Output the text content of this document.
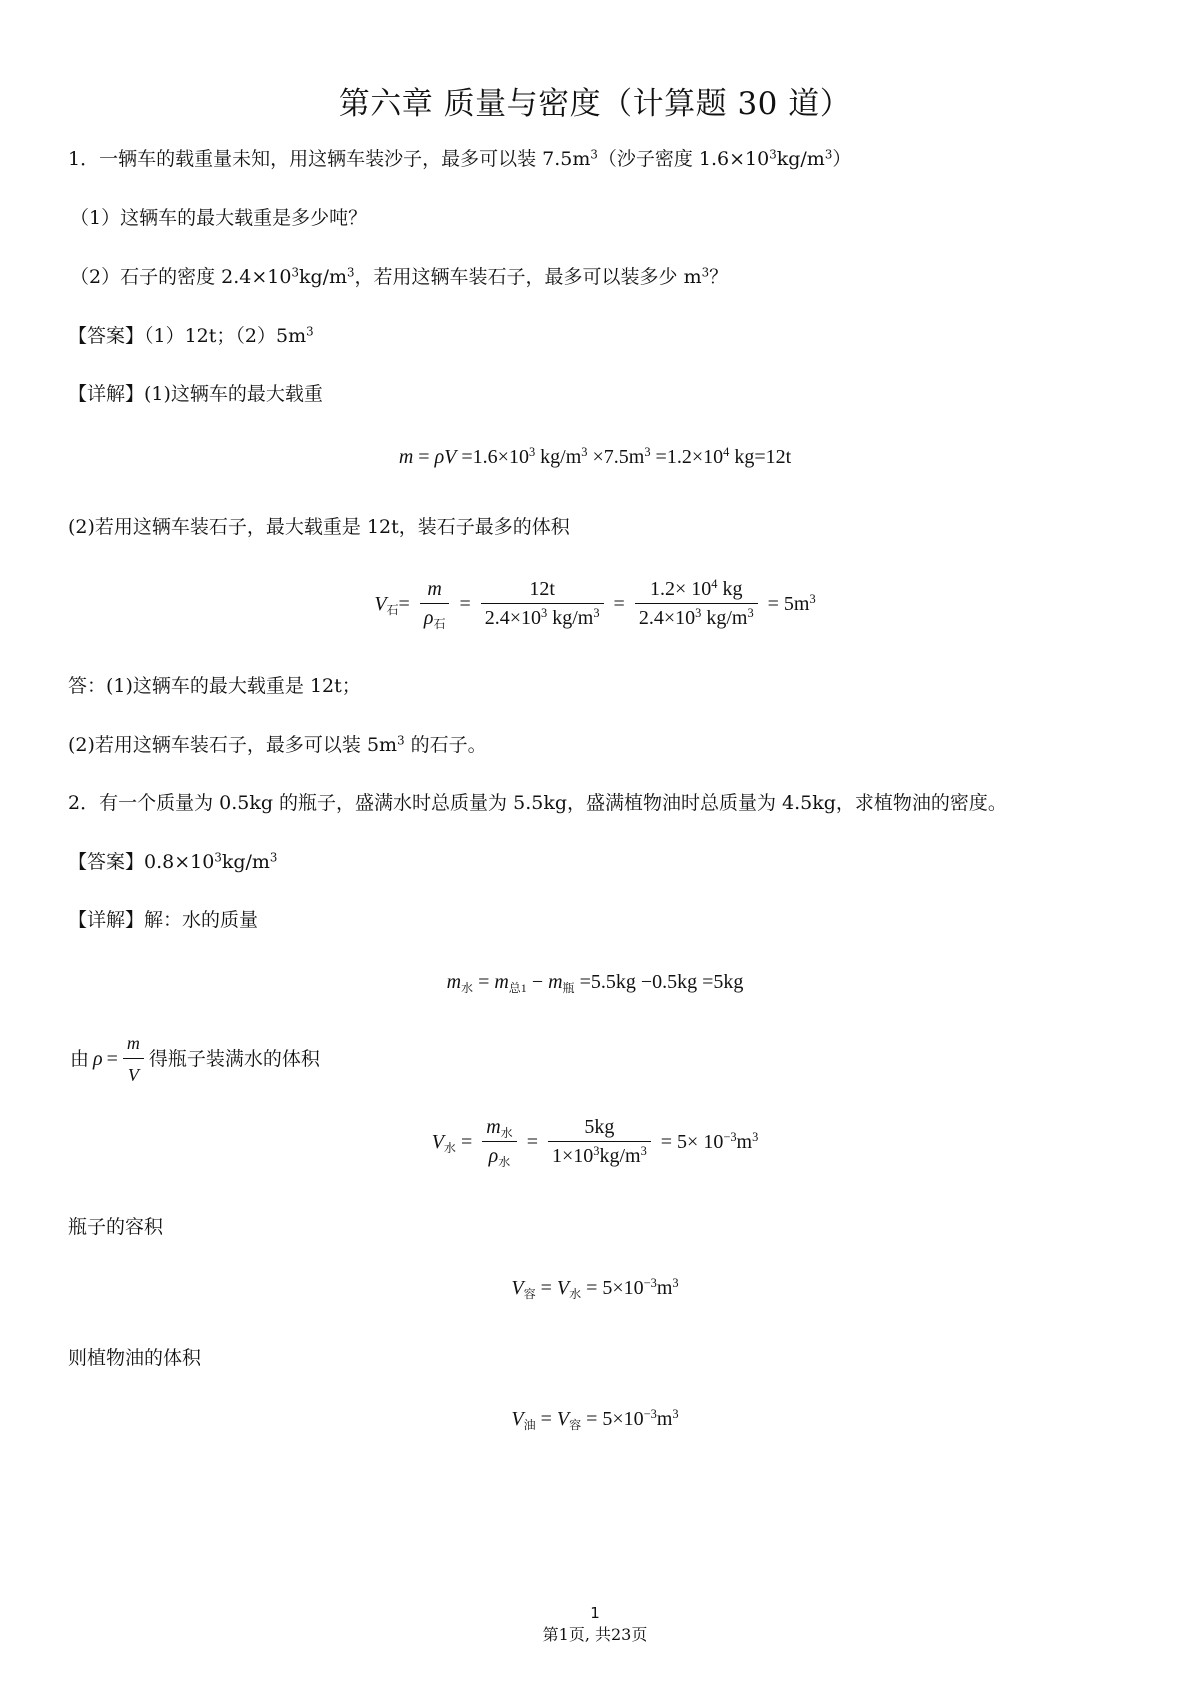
第六章 质量与密度（计算题 30 道）
1．一辆车的载重量未知，用这辆车装沙子，最多可以装 $7.5m^3$（沙子密度 $1.6\times 10^3kg/m^3$）
（1）这辆车的最大载重是多少吨？
（2）石子的密度 $2.4\times 10^3kg/m^3$，若用这辆车装石子，最多可以装多少 $m^3$？
【答案】（1）12t；$(2)5m^3$
【详解】(1)这辆车的最大载重
$m = \rho V =1.6\times 10^3$ $kg/m^3 \times 7.5m^3 =1.2\times 10^4$ kg=12t
(2)若用这辆车装石子，最大载重是 12t，装石子最多的体积
$V_石= \frac{m}{\rho_石} = \frac{12t}{2.4\times 10^3 kg/m^3} = \frac{1.2\times 10^4 kg}{2.4\times 10^3 kg/m^3} = 5m^3$
答：(1)这辆车的最大载重是 12t；
(2)若用这辆车装石子，最多可以装 $5m^3$ 的石子。
2．有一个质量为 0.5kg 的瓶子，盛满水时总质量为 5.5kg，盛满植物油时总质量为 4.5kg，求植物油的密度。
【答案】$0.8\times 10^3kg/m^3$
【详解】解：水的质量
$m_水 = m_{总1} - m_瓶 =5.5kg -0.5kg =5kg$
由$\rho= \frac{m}{V}$ 得瓶子装满水的体积
$V_水 = \frac{m_水}{\rho_水} = \frac{5kg}{1\times 10^3kg/m^3} = 5\times 10^{-3}m^3$
瓶子的容积
$V_容 = V_水 = 5\times 10^{-3}m^3$
则植物油的体积
$V_油 = V_容 = 5\times 10^{-3}m^3$
1
第1页, 共23页
